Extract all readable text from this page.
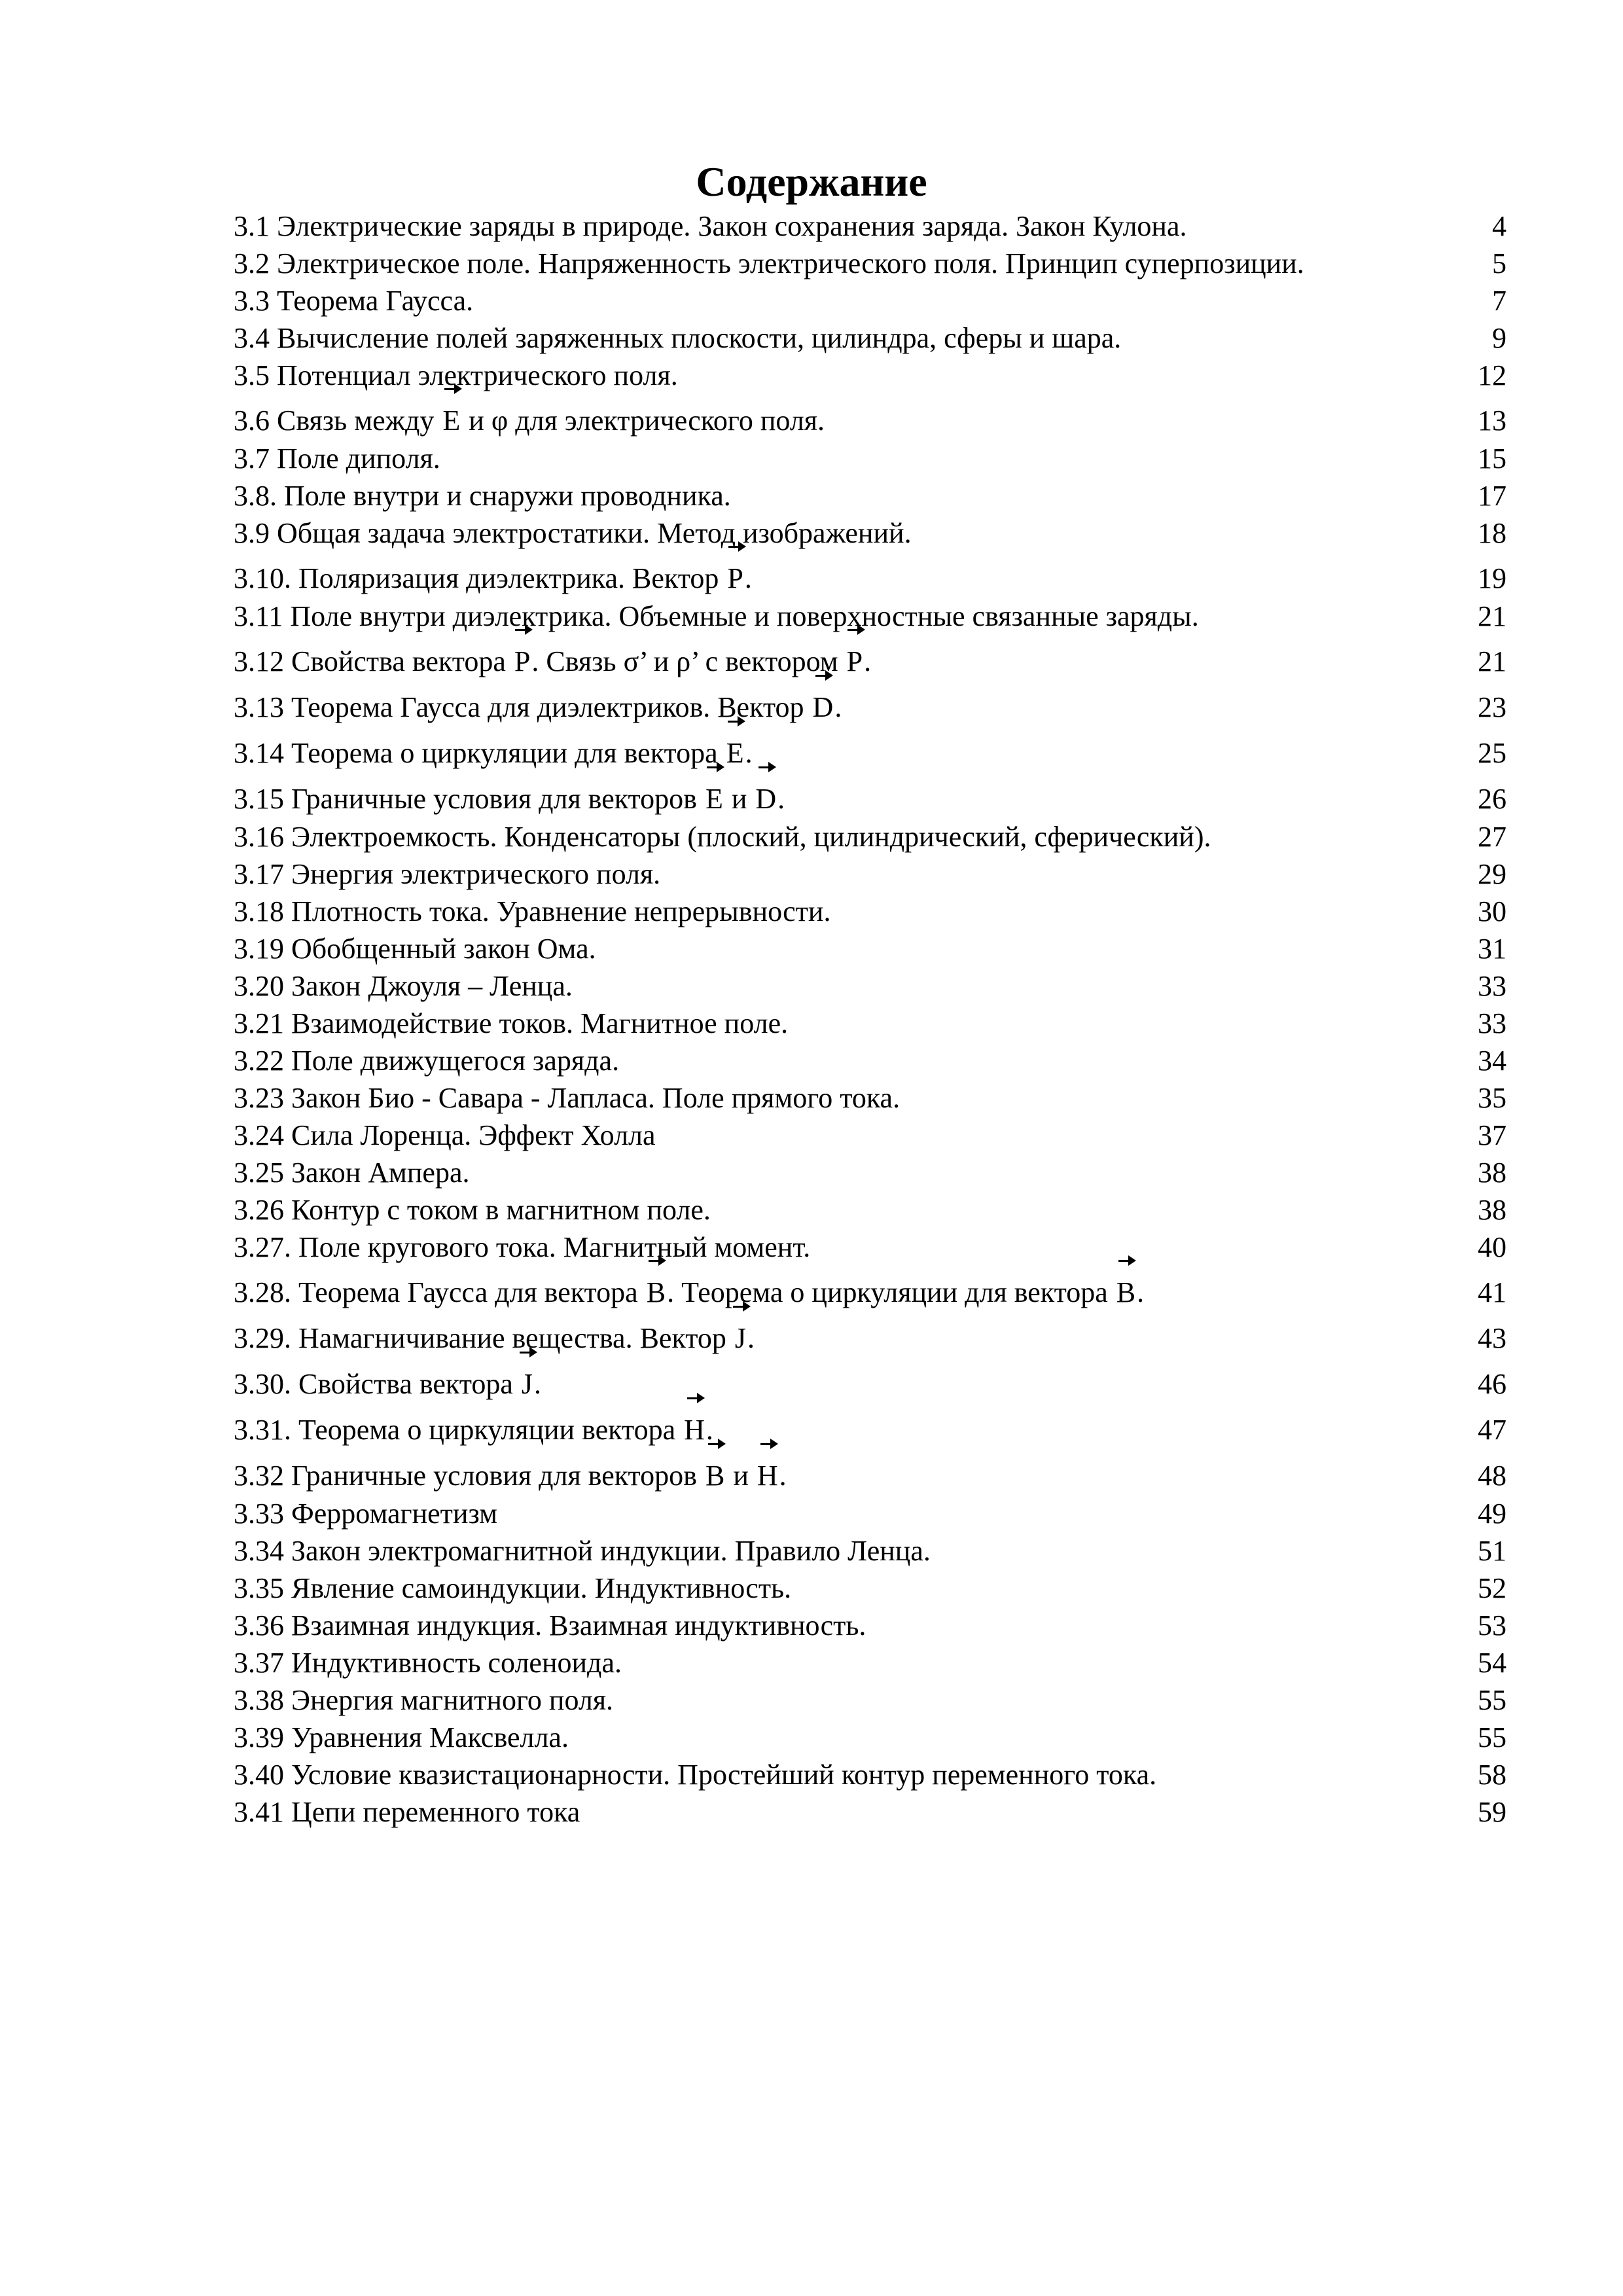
Содержание
3.1 Электрические заряды в природе. Закон сохранения заряда. Закон Кулона.	4
3.2 Электрическое поле. Напряженность электрического поля. Принцип суперпозиции.	5
3.3 Теорема Гаусса.	7
3.4 Вычисление полей заряженных плоскости, цилиндра, сферы и шара.	9
3.5 Потенциал электрического поля.	12
3.6 Связь между E и φ для электрического поля.	13
3.7 Поле диполя.	15
3.8. Поле внутри и снаружи проводника.	17
3.9 Общая задача электростатики. Метод изображений.	18
3.10. Поляризация диэлектрика. Вектор P.	19
3.11 Поле внутри диэлектрика. Объемные и поверхностные связанные заряды.	21
3.12 Свойства вектора P. Связь σ’ и ρ’ с вектором P.	21
3.13 Теорема Гаусса для диэлектриков. Вектор D.	23
3.14 Теорема о циркуляции для вектора E.	25
3.15 Граничные условия для векторов E и D.	26
3.16 Электроемкость. Конденсаторы (плоский, цилиндрический, сферический).	27
3.17 Энергия электрического поля.	29
3.18 Плотность тока. Уравнение непрерывности.	30
3.19 Обобщенный закон Ома.	31
3.20 Закон Джоуля – Ленца.	33
3.21 Взаимодействие токов. Магнитное поле.	33
3.22 Поле движущегося заряда.	34
3.23 Закон Био - Савара - Лапласа. Поле прямого тока.	35
3.24 Сила Лоренца. Эффект Холла	37
3.25 Закон Ампера.	38
3.26 Контур с током в магнитном поле.	38
3.27. Поле кругового тока. Магнитный момент.	40
3.28. Теорема Гаусса для вектора B. Теорема о циркуляции для вектора B.	41
3.29. Намагничивание вещества. Вектор J.	43
3.30. Свойства вектора J.	46
3.31. Теорема о циркуляции вектора H.	47
3.32 Граничные условия для векторов B и H.	48
3.33 Ферромагнетизм	49
3.34 Закон электромагнитной индукции. Правило Ленца.	51
3.35 Явление самоиндукции. Индуктивность.	52
3.36 Взаимная индукция. Взаимная индуктивность.	53
3.37 Индуктивность соленоида.	54
3.38 Энергия магнитного поля.	55
3.39 Уравнения Максвелла.	55
3.40 Условие квазистационарности. Простейший контур переменного тока.	58
3.41 Цепи переменного тока	59
